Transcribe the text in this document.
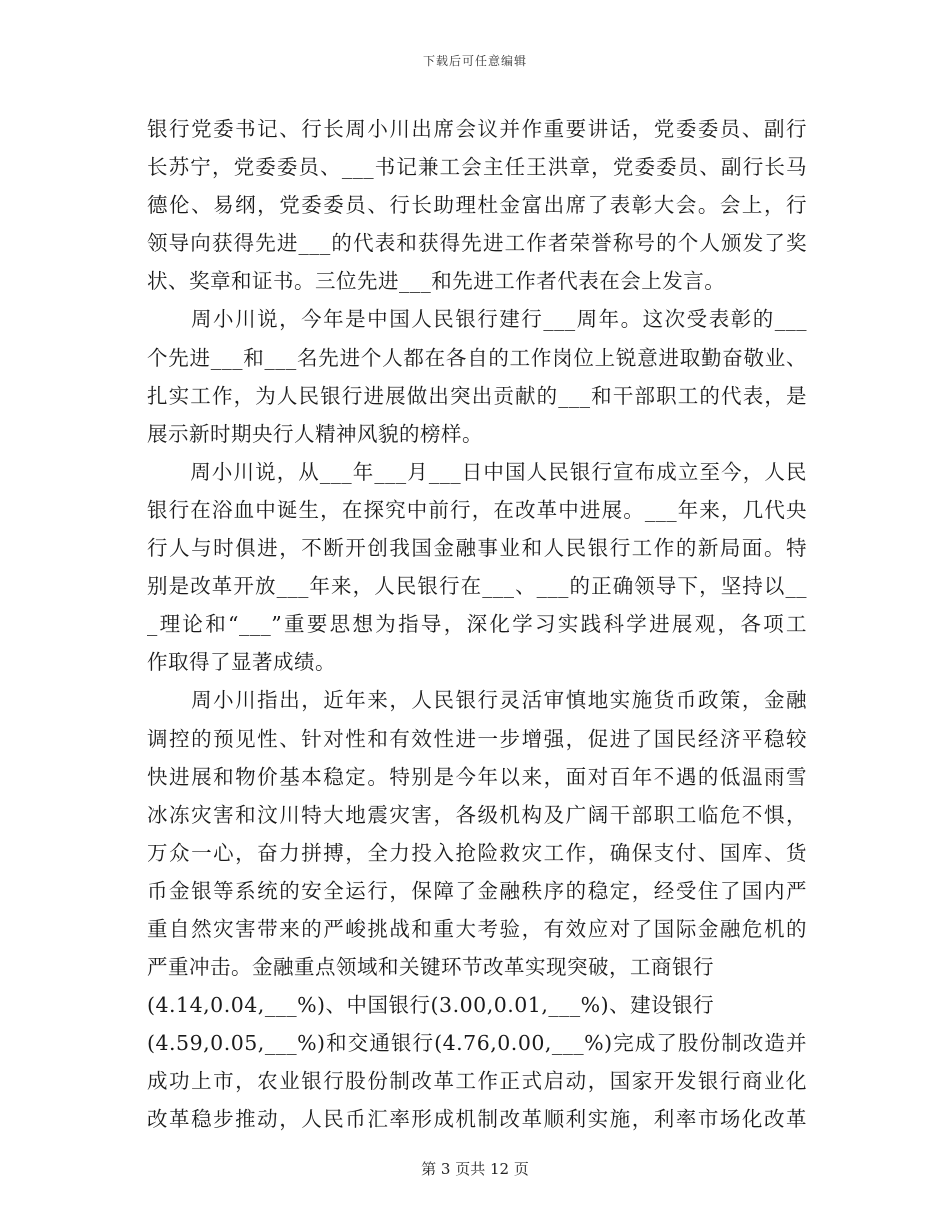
下载后可任意编辑
银行党委书记、行长周小川出席会议并作重要讲话，党委委员、副行
长苏宁，党委委员、___书记兼工会主任王洪章，党委委员、副行长马
德伦、易纲，党委委员、行长助理杜金富出席了表彰大会。会上，行
领导向获得先进___的代表和获得先进工作者荣誉称号的个人颁发了奖
状、奖章和证书。三位先进___和先进工作者代表在会上发言。
　　周小川说，今年是中国人民银行建行___周年。这次受表彰的___
个先进___和___名先进个人都在各自的工作岗位上锐意进取勤奋敬业、
扎实工作，为人民银行进展做出突出贡献的___和干部职工的代表，是
展示新时期央行人精神风貌的榜样。
　　周小川说，从___年___月___日中国人民银行宣布成立至今，人民
银行在浴血中诞生，在探究中前行，在改革中进展。___年来，几代央
行人与时俱进，不断开创我国金融事业和人民银行工作的新局面。特
别是改革开放___年来，人民银行在___、___的正确领导下，坚持以__
_理论和“___”重要思想为指导，深化学习实践科学进展观，各项工
作取得了显著成绩。
　　周小川指出，近年来，人民银行灵活审慎地实施货币政策，金融
调控的预见性、针对性和有效性进一步增强，促进了国民经济平稳较
快进展和物价基本稳定。特别是今年以来，面对百年不遇的低温雨雪
冰冻灾害和汶川特大地震灾害，各级机构及广阔干部职工临危不惧，
万众一心，奋力拼搏，全力投入抢险救灾工作，确保支付、国库、货
币金银等系统的安全运行，保障了金融秩序的稳定，经受住了国内严
重自然灾害带来的严峻挑战和重大考验，有效应对了国际金融危机的
严重冲击。金融重点领域和关键环节改革实现突破，工商银行
(4.14,0.04,___%)、中国银行(3.00,0.01,___%)、建设银行
(4.59,0.05,___%)和交通银行(4.76,0.00,___%)完成了股份制改造并
成功上市，农业银行股份制改革工作正式启动，国家开发银行商业化
改革稳步推动，人民币汇率形成机制改革顺利实施，利率市场化改革
第 3 页共 12 页
